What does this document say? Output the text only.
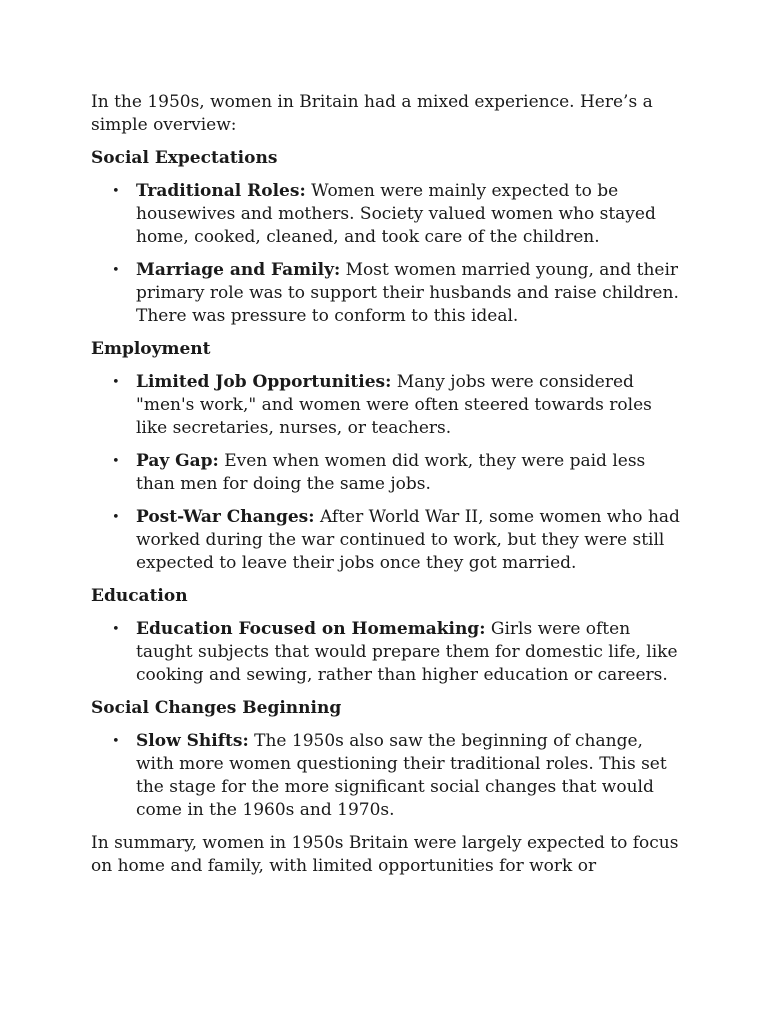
In the 1950s, women in Britain had a mixed experience. Here’s a simple overview:

Social Expectations
• Traditional Roles: Women were mainly expected to be housewives and mothers. Society valued women who stayed home, cooked, cleaned, and took care of the children.
• Marriage and Family: Most women married young, and their primary role was to support their husbands and raise children. There was pressure to conform to this ideal.
Employment
• Limited Job Opportunities: Many jobs were considered "men's work," and women were often steered towards roles like secretaries, nurses, or teachers.
• Pay Gap: Even when women did work, they were paid less than men for doing the same jobs.
• Post-War Changes: After World War II, some women who had worked during the war continued to work, but they were still expected to leave their jobs once they got married.
Education
• Education Focused on Homemaking: Girls were often taught subjects that would prepare them for domestic life, like cooking and sewing, rather than higher education or careers.
Social Changes Beginning
• Slow Shifts: The 1950s also saw the beginning of change, with more women questioning their traditional roles. This set the stage for the more significant social changes that would come in the 1960s and 1970s.

In summary, women in 1950s Britain were largely expected to focus on home and family, with limited opportunities for work or
